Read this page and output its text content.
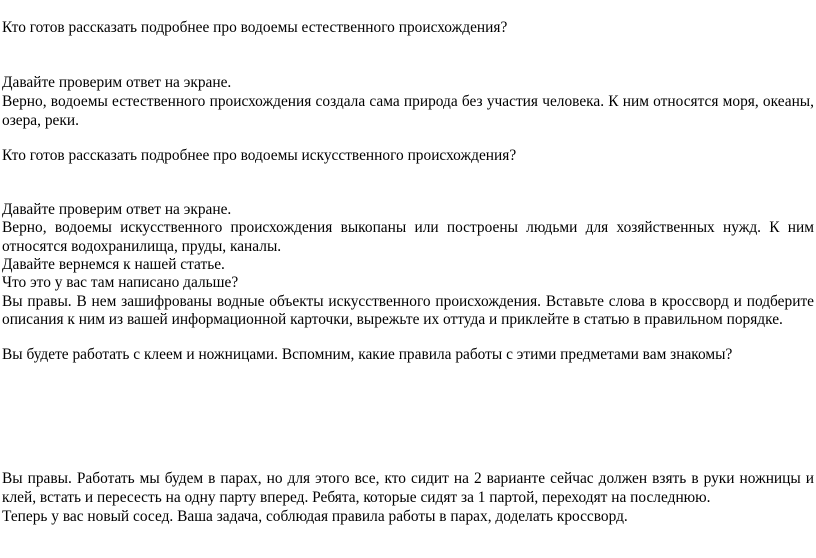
Кто готов рассказать подробнее про водоемы естественного происхождения?
Давайте проверим ответ на экране.
Верно, водоемы естественного происхождения создала сама природа без участия человека. К ним относятся моря, океаны,
озера, реки.
Кто готов рассказать подробнее про водоемы искусственного происхождения?
Давайте проверим ответ на экране.
Верно, водоемы искусственного происхождения выкопаны или построены людьми для хозяйственных нужд. К ним
относятся водохранилища, пруды, каналы.
Давайте вернемся к нашей статье.
Что это у вас там написано дальше?
Вы правы. В нем зашифрованы водные объекты искусственного происхождения. Вставьте слова в кроссворд и подберите
описания к ним из вашей информационной карточки, вырежьте их оттуда и приклейте в статью в правильном порядке.
Вы будете работать с клеем и ножницами. Вспомним, какие правила работы с этими предметами вам знакомы?
Вы правы. Работать мы будем в парах, но для этого все, кто сидит на 2 варианте сейчас должен взять в руки ножницы и
клей, встать и пересесть на одну парту вперед. Ребята, которые сидят за 1 партой, переходят на последнюю.
Теперь у вас новый сосед. Ваша задача, соблюдая правила работы в парах, доделать кроссворд.
